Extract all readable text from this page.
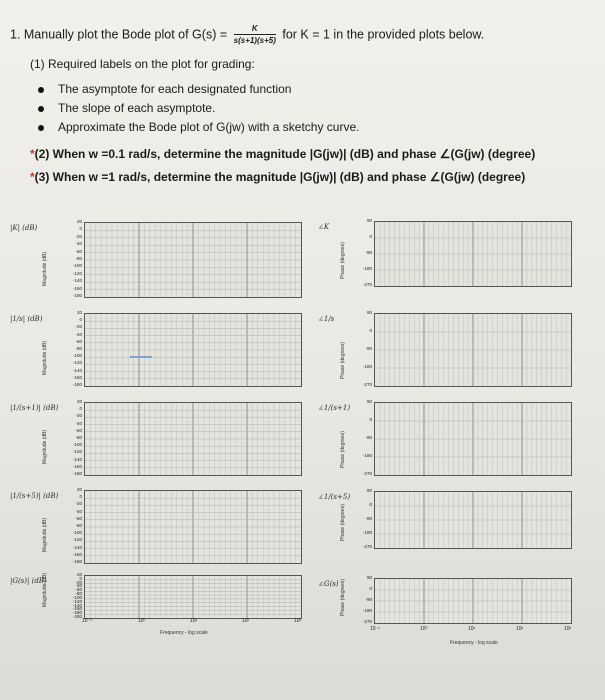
1. Manually plot the Bode plot of $G(s) = \frac{K}{s(s+1)(s+5)}$ for K = 1 in the provided plots below.
(1) Required labels on the plot for grading:
The asymptote for each designated function
The slope of each asymptote.
Approximate the Bode plot of G(jw) with a sketchy curve.
*(2) When w =0.1 rad/s, determine the magnitude |G(jw)| (dB) and phase ∠(G(jw) (degree)
*(3) When w =1 rad/s, determine the magnitude |G(jw)| (dB) and phase ∠(G(jw) (degree)
20
0
-20
-40
-60
-80
-100
-120
-140
-160
-180
Magnitude (dB)
|K| (dB)
90
0
-90
-180
-270
Phase (degrees)
∠K
20
0
-20
-40
-60
-80
-100
-120
-140
-160
-180
Magnitude (dB)
|1/s| (dB)
90
0
-90
-180
-270
Phase (degrees)
∠1/s
20
0
-20
-40
-60
-80
-100
-120
-140
-160
-180
Magnitude (dB)
|1/(s+1)| (dB)
90
0
-90
-180
-270
Phase (degrees)
∠1/(s+1)
20
0
-20
-40
-60
-80
-100
-120
-140
-160
-180
Magnitude (dB)
|1/(s+5)| (dB)
90
0
-90
-180
-270
Phase (degrees)
∠1/(s+5)
20
0
-20
-40
-60
-80
-100
-120
-140
-160
-180
-200
Magnitude (dB)
|G(s)| (dB)	90
0
-90
-180
-270
Phase (degrees)
∠G(s)
10⁻¹	10⁰	10¹	10²	10³
Frequency - log scale
10⁻¹	10⁰	10¹	10²	10³
Frequency - log scale
